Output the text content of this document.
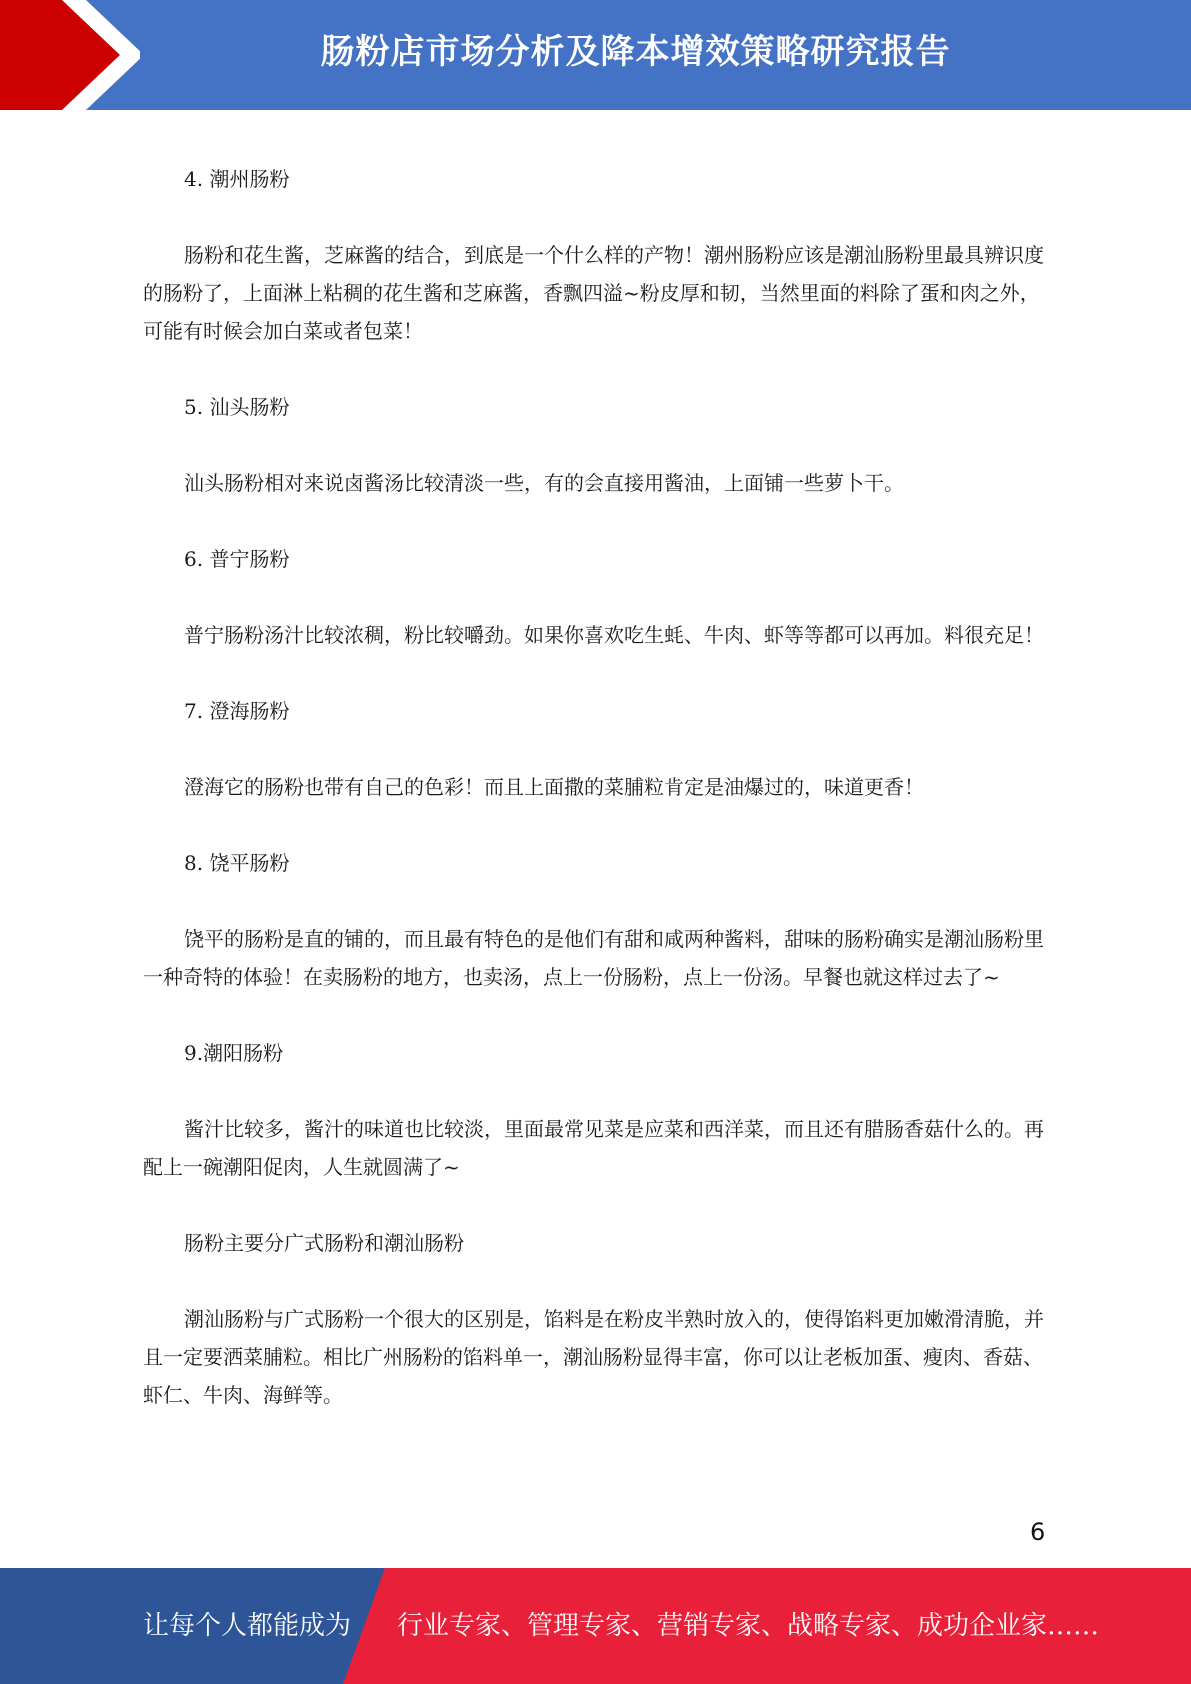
肠粉店市场分析及降本增效策略研究报告

4. 潮州肠粉

肠粉和花生酱，芝麻酱的结合，到底是一个什么样的产物！潮州肠粉应该是潮汕肠粉里最具辨识度的肠粉了，上面淋上粘稠的花生酱和芝麻酱，香飘四溢~粉皮厚和韧，当然里面的料除了蛋和肉之外，可能有时候会加白菜或者包菜！

5. 汕头肠粉

汕头肠粉相对来说卤酱汤比较清淡一些，有的会直接用酱油，上面铺一些萝卜干。

6. 普宁肠粉

普宁肠粉汤汁比较浓稠，粉比较嚼劲。如果你喜欢吃生蚝、牛肉、虾等等都可以再加。料很充足！

7. 澄海肠粉

澄海它的肠粉也带有自己的色彩！而且上面撒的菜脯粒肯定是油爆过的，味道更香！

8. 饶平肠粉

饶平的肠粉是直的铺的，而且最有特色的是他们有甜和咸两种酱料，甜味的肠粉确实是潮汕肠粉里一种奇特的体验！在卖肠粉的地方，也卖汤，点上一份肠粉，点上一份汤。早餐也就这样过去了~

9.潮阳肠粉

酱汁比较多，酱汁的味道也比较淡，里面最常见菜是应菜和西洋菜，而且还有腊肠香菇什么的。再配上一碗潮阳促肉，人生就圆满了~

肠粉主要分广式肠粉和潮汕肠粉

潮汕肠粉与广式肠粉一个很大的区别是，馅料是在粉皮半熟时放入的，使得馅料更加嫩滑清脆，并且一定要洒菜脯粒。相比广州肠粉的馅料单一，潮汕肠粉显得丰富，你可以让老板加蛋、瘦肉、香菇、虾仁、牛肉、海鲜等。

6
让每个人都能成为 行业专家、管理专家、营销专家、战略专家、成功企业家……
